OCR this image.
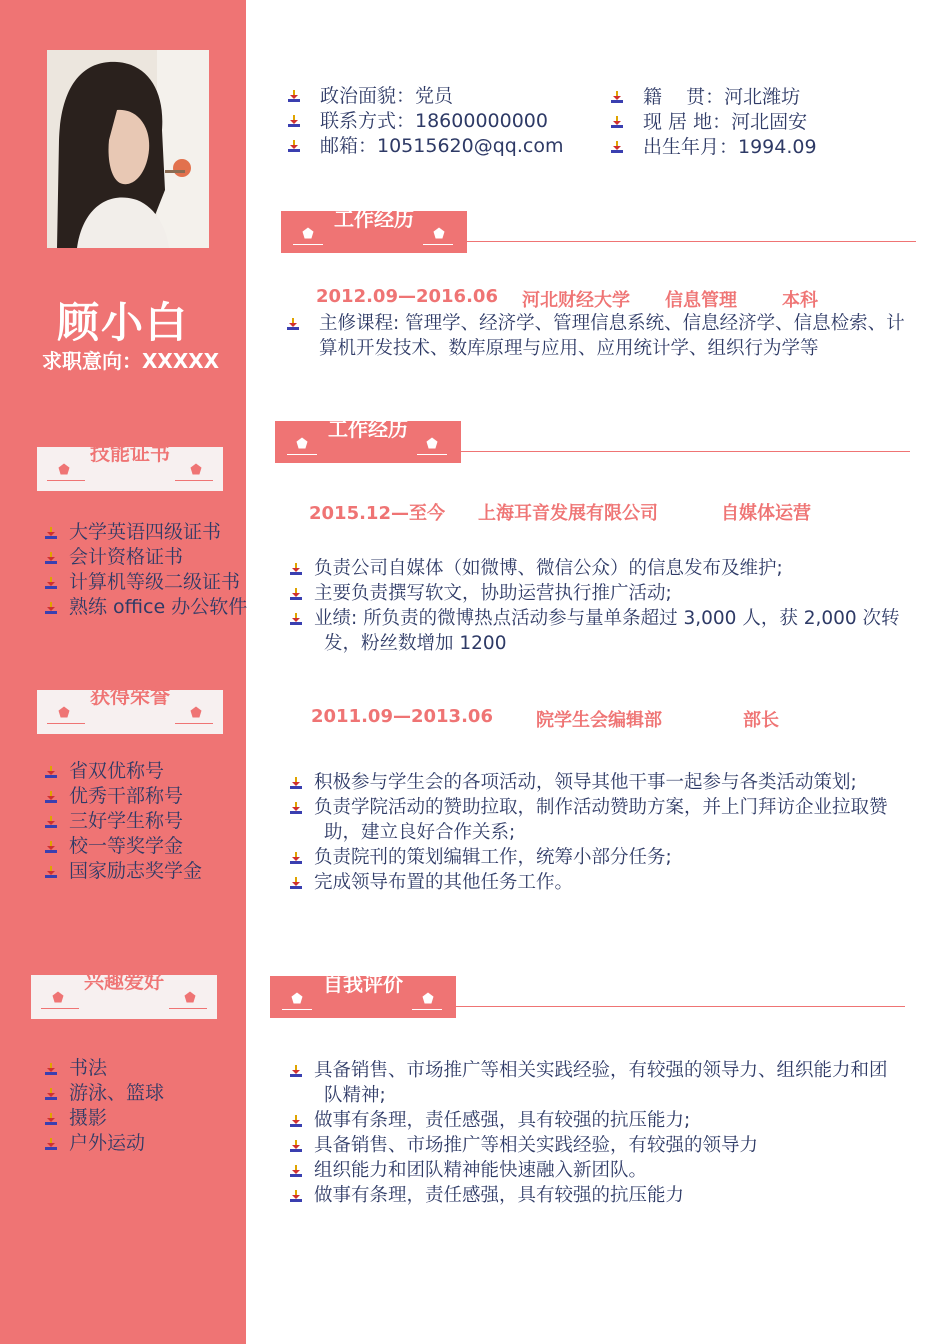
顾小白
求职意向：XXXXX
技能证书
大学英语四级证书
会计资格证书
计算机等级二级证书
熟练 office 办公软件
获得荣誉
省双优称号
优秀干部称号
三好学生称号
校一等奖学金
国家励志奖学金
兴趣爱好
书法
游泳、篮球
摄影
户外运动
政治面貌：党员
联系方式：18600000000
邮箱：10515620@qq.com
籍    贯：河北潍坊
现 居 地：河北固安
出生年月：1994.09
工作经历
2012.09—2016.06 河北财经大学 信息管理	本科
主修课程: 管理学、经济学、管理信息系统、信息经济学、信息检索、计
算机开发技术、数库原理与应用、应用统计学、组织行为学等
工作经历
2015.12—至今 上海耳音发展有限公司	自媒体运营
负责公司自媒体（如微博、微信公众）的信息发布及维护;
主要负责撰写软文，协助运营执行推广活动;
业绩: 所负责的微博热点活动参与量单条超过 3,000 人，获 2,000 次转
发，粉丝数增加 1200
2011.09—2013.06 院学生会编辑部	部长
积极参与学生会的各项活动，领导其他干事一起参与各类活动策划;
负责学院活动的赞助拉取，制作活动赞助方案，并上门拜访企业拉取赞
助，建立良好合作关系;
负责院刊的策划编辑工作，统筹小部分任务;
完成领导布置的其他任务工作。
自我评价
具备销售、市场推广等相关实践经验，有较强的领导力、组织能力和团
队精神;
做事有条理，责任感强，具有较强的抗压能力;
具备销售、市场推广等相关实践经验，有较强的领导力
组织能力和团队精神能快速融入新团队。
做事有条理，责任感强，具有较强的抗压能力
